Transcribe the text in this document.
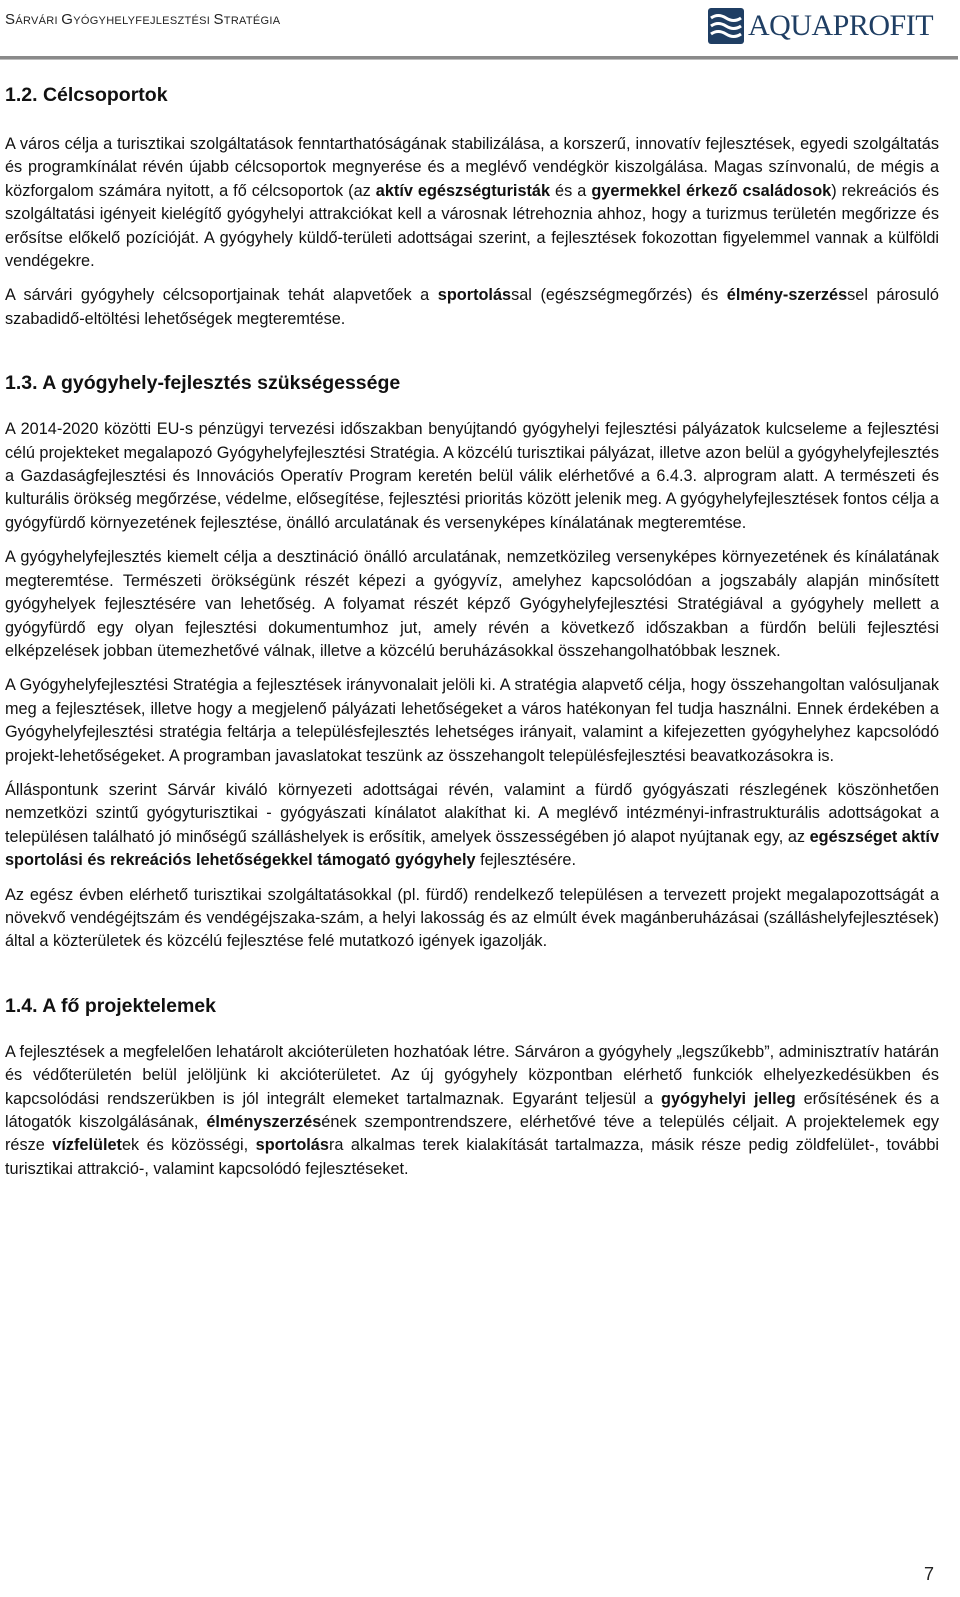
SÁRVÁRI GYÓGYHELYFEJLESZTÉSI STRATÉGIA	AQUAPROFIT
1.2. Célcsoportok

A város célja a turisztikai szolgáltatások fenntarthatóságának stabilizálása, a korszerű, innovatív fejlesztések, egyedi szolgáltatás és programkínálat révén újabb célcsoportok megnyerése és a meglévő vendégkör kiszolgálása. Magas színvonalú, de mégis a közforgalom számára nyitott, a fő célcsoportok (az aktív egészségturisták és a gyermekkel érkező családosok) rekreációs és szolgáltatási igényeit kielégítő gyógyhelyi attrakciókat kell a városnak létrehoznia ahhoz, hogy a turizmus területén megőrizze és erősítse előkelő pozícióját. A gyógyhely küldő-területi adottságai szerint, a fejlesztések fokozottan figyelemmel vannak a külföldi vendégekre.

A sárvári gyógyhely célcsoportjainak tehát alapvetőek a sportolással (egészségmegőrzés) és élmény-szerzéssel párosuló szabadidő-eltöltési lehetőségek megteremtése.

1.3. A gyógyhely-fejlesztés szükségessége

A 2014-2020 közötti EU-s pénzügyi tervezési időszakban benyújtandó gyógyhelyi fejlesztési pályázatok kulcseleme a fejlesztési célú projekteket megalapozó Gyógyhelyfejlesztési Stratégia. A közcélú turisztikai pályázat, illetve azon belül a gyógyhelyfejlesztés a Gazdaságfejlesztési és Innovációs Operatív Program keretén belül válik elérhetővé a 6.4.3. alprogram alatt. A természeti és kulturális örökség megőrzése, védelme, elősegítése, fejlesztési prioritás között jelenik meg. A gyógyhelyfejlesztések fontos célja a gyógyfürdő környezetének fejlesztése, önálló arculatának és versenyképes kínálatának megteremtése.

A gyógyhelyfejlesztés kiemelt célja a desztináció önálló arculatának, nemzetközileg versenyképes környezetének és kínálatának megteremtése. Természeti örökségünk részét képezi a gyógyvíz, amelyhez kapcsolódóan a jogszabály alapján minősített gyógyhelyek fejlesztésére van lehetőség. A folyamat részét képző Gyógyhelyfejlesztési Stratégiával a gyógyhely mellett a gyógyfürdő egy olyan fejlesztési dokumentumhoz jut, amely révén a következő időszakban a fürdőn belüli fejlesztési elképzelések jobban ütemezhetővé válnak, illetve a közcélú beruházásokkal összehangolhatóbbak lesznek.

A Gyógyhelyfejlesztési Stratégia a fejlesztések irányvonalait jelöli ki. A stratégia alapvető célja, hogy összehangoltan valósuljanak meg a fejlesztések, illetve hogy a megjelenő pályázati lehetőségeket a város hatékonyan fel tudja használni. Ennek érdekében a Gyógyhelyfejlesztési stratégia feltárja a településfejlesztés lehetséges irányait, valamint a kifejezetten gyógyhelyhez kapcsolódó projekt-lehetőségeket. A programban javaslatokat teszünk az összehangolt településfejlesztési beavatkozásokra is.

Álláspontunk szerint Sárvár kiváló környezeti adottságai révén, valamint a fürdő gyógyászati részlegének köszönhetően nemzetközi szintű gyógyturisztikai - gyógyászati kínálatot alakíthat ki. A meglévő intézményi-infrastrukturális adottságokat a településen található jó minőségű szálláshelyek is erősítik, amelyek összességében jó alapot nyújtanak egy, az egészséget aktív sportolási és rekreációs lehetőségekkel támogató gyógyhely fejlesztésére.

Az egész évben elérhető turisztikai szolgáltatásokkal (pl. fürdő) rendelkező településen a tervezett projekt megalapozottságát a növekvő vendégéjtszám és vendégéjszaka-szám, a helyi lakosság és az elmúlt évek magánberuházásai (szálláshelyfejlesztések) által a közterületek és közcélú fejlesztése felé mutatkozó igények igazolják.

1.4. A fő projektelemek

A fejlesztések a megfelelően lehatárolt akcióterületen hozhatóak létre. Sárváron a gyógyhely „legszűkebb”, adminisztratív határán és védőterületén belül jelöljünk ki akcióterületet. Az új gyógyhely központban elérhető funkciók elhelyezkedésükben és kapcsolódási rendszerükben is jól integrált elemeket tartalmaznak. Egyaránt teljesül a gyógyhelyi jelleg erősítésének és a látogatók kiszolgálásának, élményszerzésének szempontrendszere, elérhetővé téve a település céljait. A projektelemek egy része vízfelületek és közösségi, sportolásra alkalmas terek kialakítását tartalmazza, másik része pedig zöldfelület-, további turisztikai attrakció-, valamint kapcsolódó fejlesztéseket.

7
